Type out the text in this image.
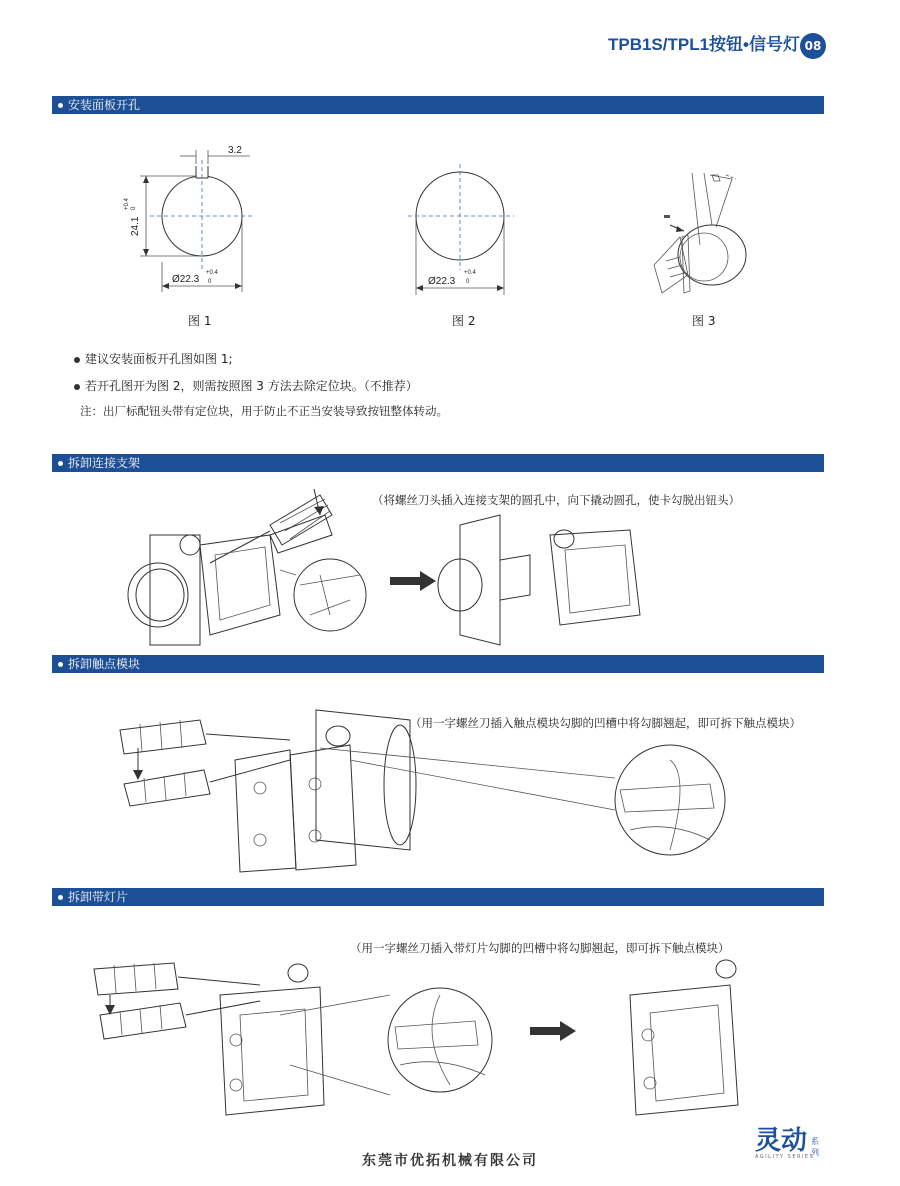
TPB1S/TPL1按钮•信号灯 08
安装面板开孔
3.2
24.1
+0.4 0
Ø22.3
+0.4
0
图 1
Ø22.3
+0.4
0
图 2	图 3
建议安装面板开孔图如图 1;
若开孔图开为图 2，则需按照图 3 方法去除定位块。（不推荐）
注：出厂标配钮头带有定位块，用于防止不正当安装导致按钮整体转动。
拆卸连接支架
（将螺丝刀头插入连接支架的圆孔中，向下撬动圆孔，使卡勾脱出钮头）
拆卸触点模块
（用一字螺丝刀插入触点模块勾脚的凹槽中将勾脚翘起，即可拆下触点模块）
拆卸带灯片
（用一字螺丝刀插入带灯片勾脚的凹槽中将勾脚翘起，即可拆下触点模块）
东莞市优拓机械有限公司
灵动 系列
AGILITY SERIES
